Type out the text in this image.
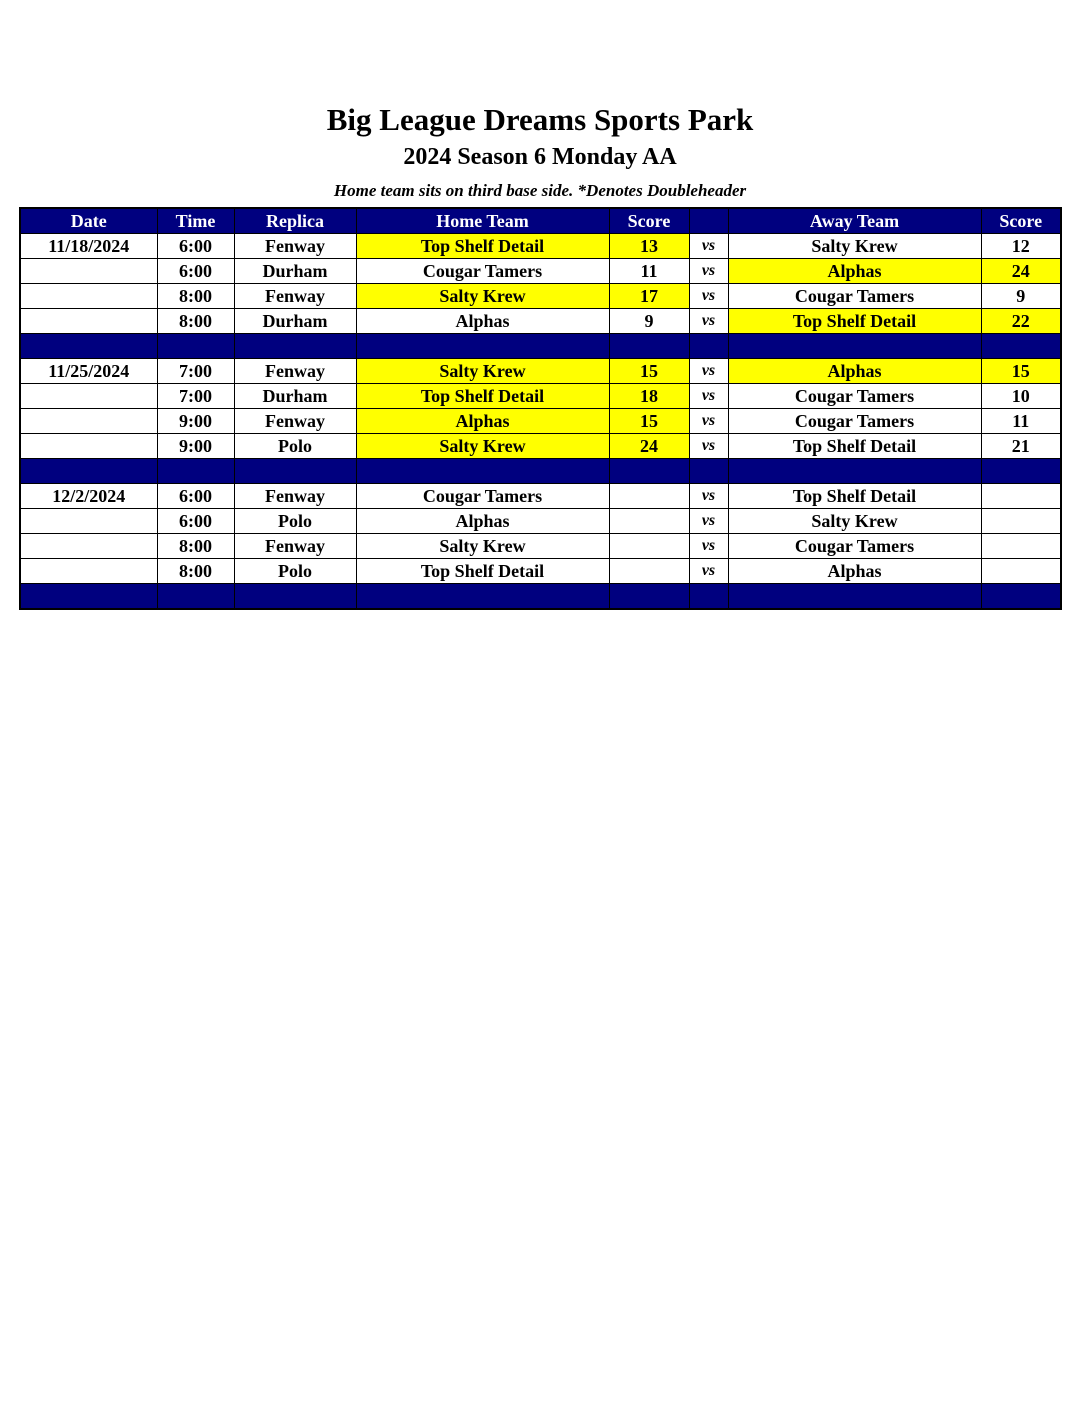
Big League Dreams Sports Park
2024 Season 6 Monday AA
Home team sits on third base side. *Denotes Doubleheader
Date	Time	Replica	Home Team	Score		Away Team	Score
11/18/2024	6:00	Fenway	Top Shelf Detail	13	vs	Salty Krew	12
	6:00	Durham	Cougar Tamers	11	vs	Alphas	24
	8:00	Fenway	Salty Krew	17	vs	Cougar Tamers	9
	8:00	Durham	Alphas	9	vs	Top Shelf Detail	22

11/25/2024	7:00	Fenway	Salty Krew	15	vs	Alphas	15
	7:00	Durham	Top Shelf Detail	18	vs	Cougar Tamers	10
	9:00	Fenway	Alphas	15	vs	Cougar Tamers	11
	9:00	Polo	Salty Krew	24	vs	Top Shelf Detail	21

12/2/2024	6:00	Fenway	Cougar Tamers		vs	Top Shelf Detail	
	6:00	Polo	Alphas		vs	Salty Krew	
	8:00	Fenway	Salty Krew		vs	Cougar Tamers	
	8:00	Polo	Top Shelf Detail		vs	Alphas	
